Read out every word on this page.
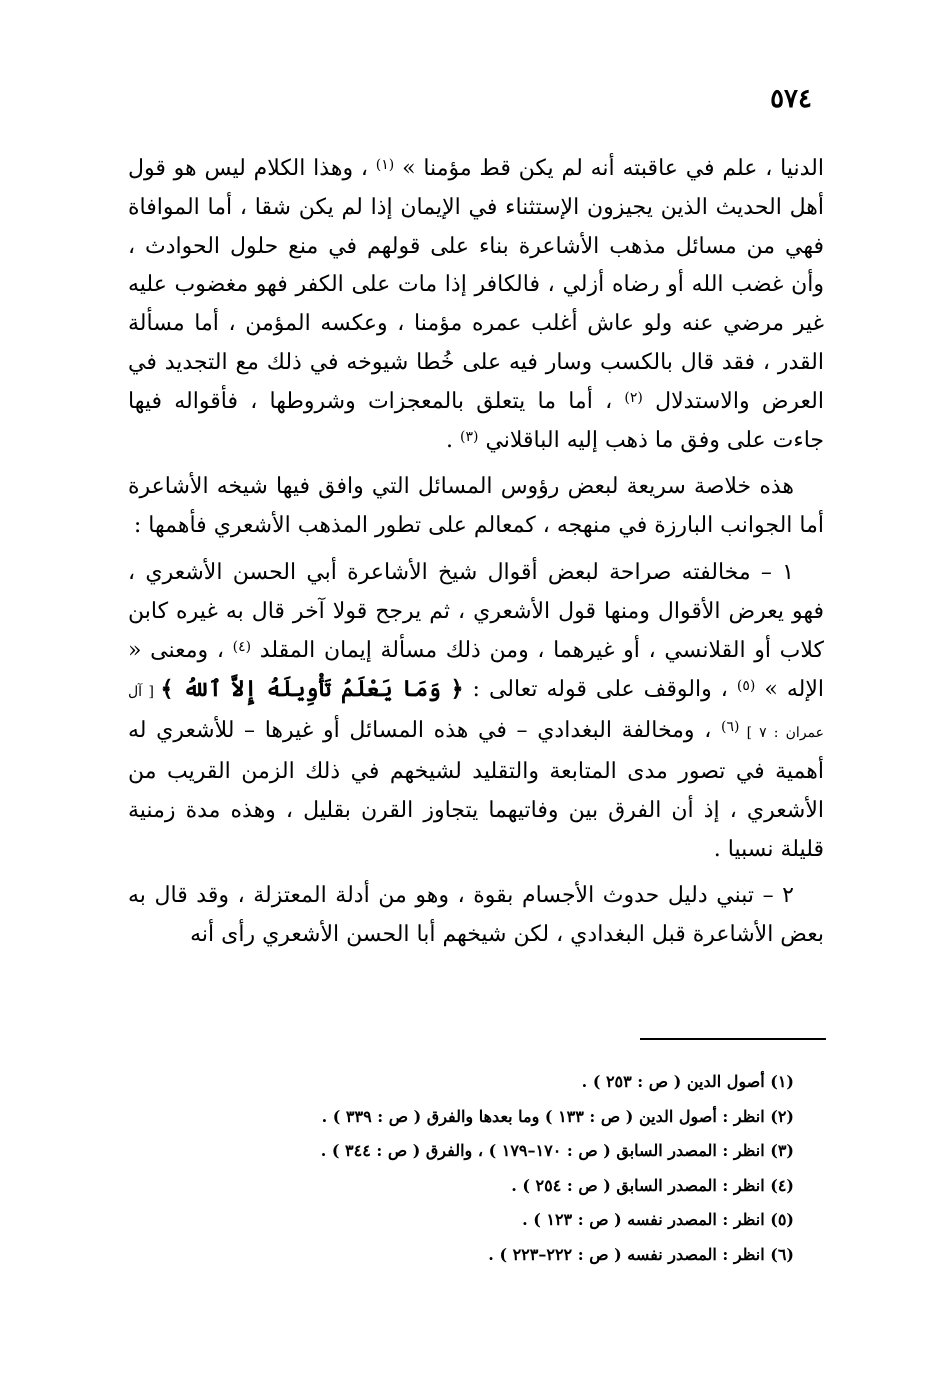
٥٧٤

الدنيا ، علم في عاقبته أنه لم يكن قط مؤمنا » $^{(١)}$ ، وهذا الكلام ليس هو قول أهل الحديث الذين يجيزون الإستثناء في الإيمان إذا لم يكن شقا ، أما الموافاة فهي من مسائل مذهب الأشاعرة بناء على قولهم في منع حلول الحوادث ، وأن غضب الله أو رضاه أزلي ، فالكافر إذا مات على الكفر فهو مغضوب عليه غير مرضي عنه ولو عاش أغلب عمره مؤمنا ، وعكسه المؤمن ، أما مسألة القدر ، فقد قال بالكسب وسار فيه على خُطا شيوخه في ذلك مع التجديد في العرض والاستدلال $^{(٢)}$ ، أما ما يتعلق بالمعجزات وشروطها ، فأقواله فيها جاءت على وفق ما ذهب إليه الباقلاني $^{(٣)}$ .

هذه خلاصة سريعة لبعض رؤوس المسائل التي وافق فيها شيخه الأشاعرة أما الجوانب البارزة في منهجه ، كمعالم على تطور المذهب الأشعري فأهمها :

١ – مخالفته صراحة لبعض أقوال شيخ الأشاعرة أبي الحسن الأشعري ، فهو يعرض الأقوال ومنها قول الأشعري ، ثم يرجح قولا آخر قال به غيره كابن كلاب أو القلانسي ، أو غيرهما ، ومن ذلك مسألة إيمان المقلد $^{(٤)}$ ، ومعنى « الإله » $^{(٥)}$ ، والوقف على قوله تعالى : ﴿ وَمَا يَعْلَمُ تَأْوِيلَهُ إِلاَّ ٱللهُ ﴾ [ آل عمران : ٧ ] $^{(٦)}$ ، ومخالفة البغدادي – في هذه المسائل أو غيرها – للأشعري له أهمية في تصور مدى المتابعة والتقليد لشيخهم في ذلك الزمن القريب من الأشعري ، إذ أن الفرق بين وفاتيهما يتجاوز القرن بقليل ، وهذه مدة زمنية قليلة نسبيا .

٢ – تبني دليل حدوث الأجسام بقوة ، وهو من أدلة المعتزلة ، وقد قال به بعض الأشاعرة قبل البغدادي ، لكن شيخهم أبا الحسن الأشعري رأى أنه

(١) أصول الدين ( ص : ٢٥٣ ) .

(٢) انظر : أصول الدين ( ص : ١٣٣ ) وما بعدها والفرق ( ص : ٣٣٩ ) .

(٣) انظر : المصدر السابق ( ص : ١٧٠–١٧٩ ) ، والفرق ( ص : ٣٤٤ ) .

(٤) انظر : المصدر السابق ( ص : ٢٥٤ ) .

(٥) انظر : المصدر نفسه ( ص : ١٢٣ ) .

(٦) انظر : المصدر نفسه ( ص : ٢٢٢–٢٢٣ ) .
